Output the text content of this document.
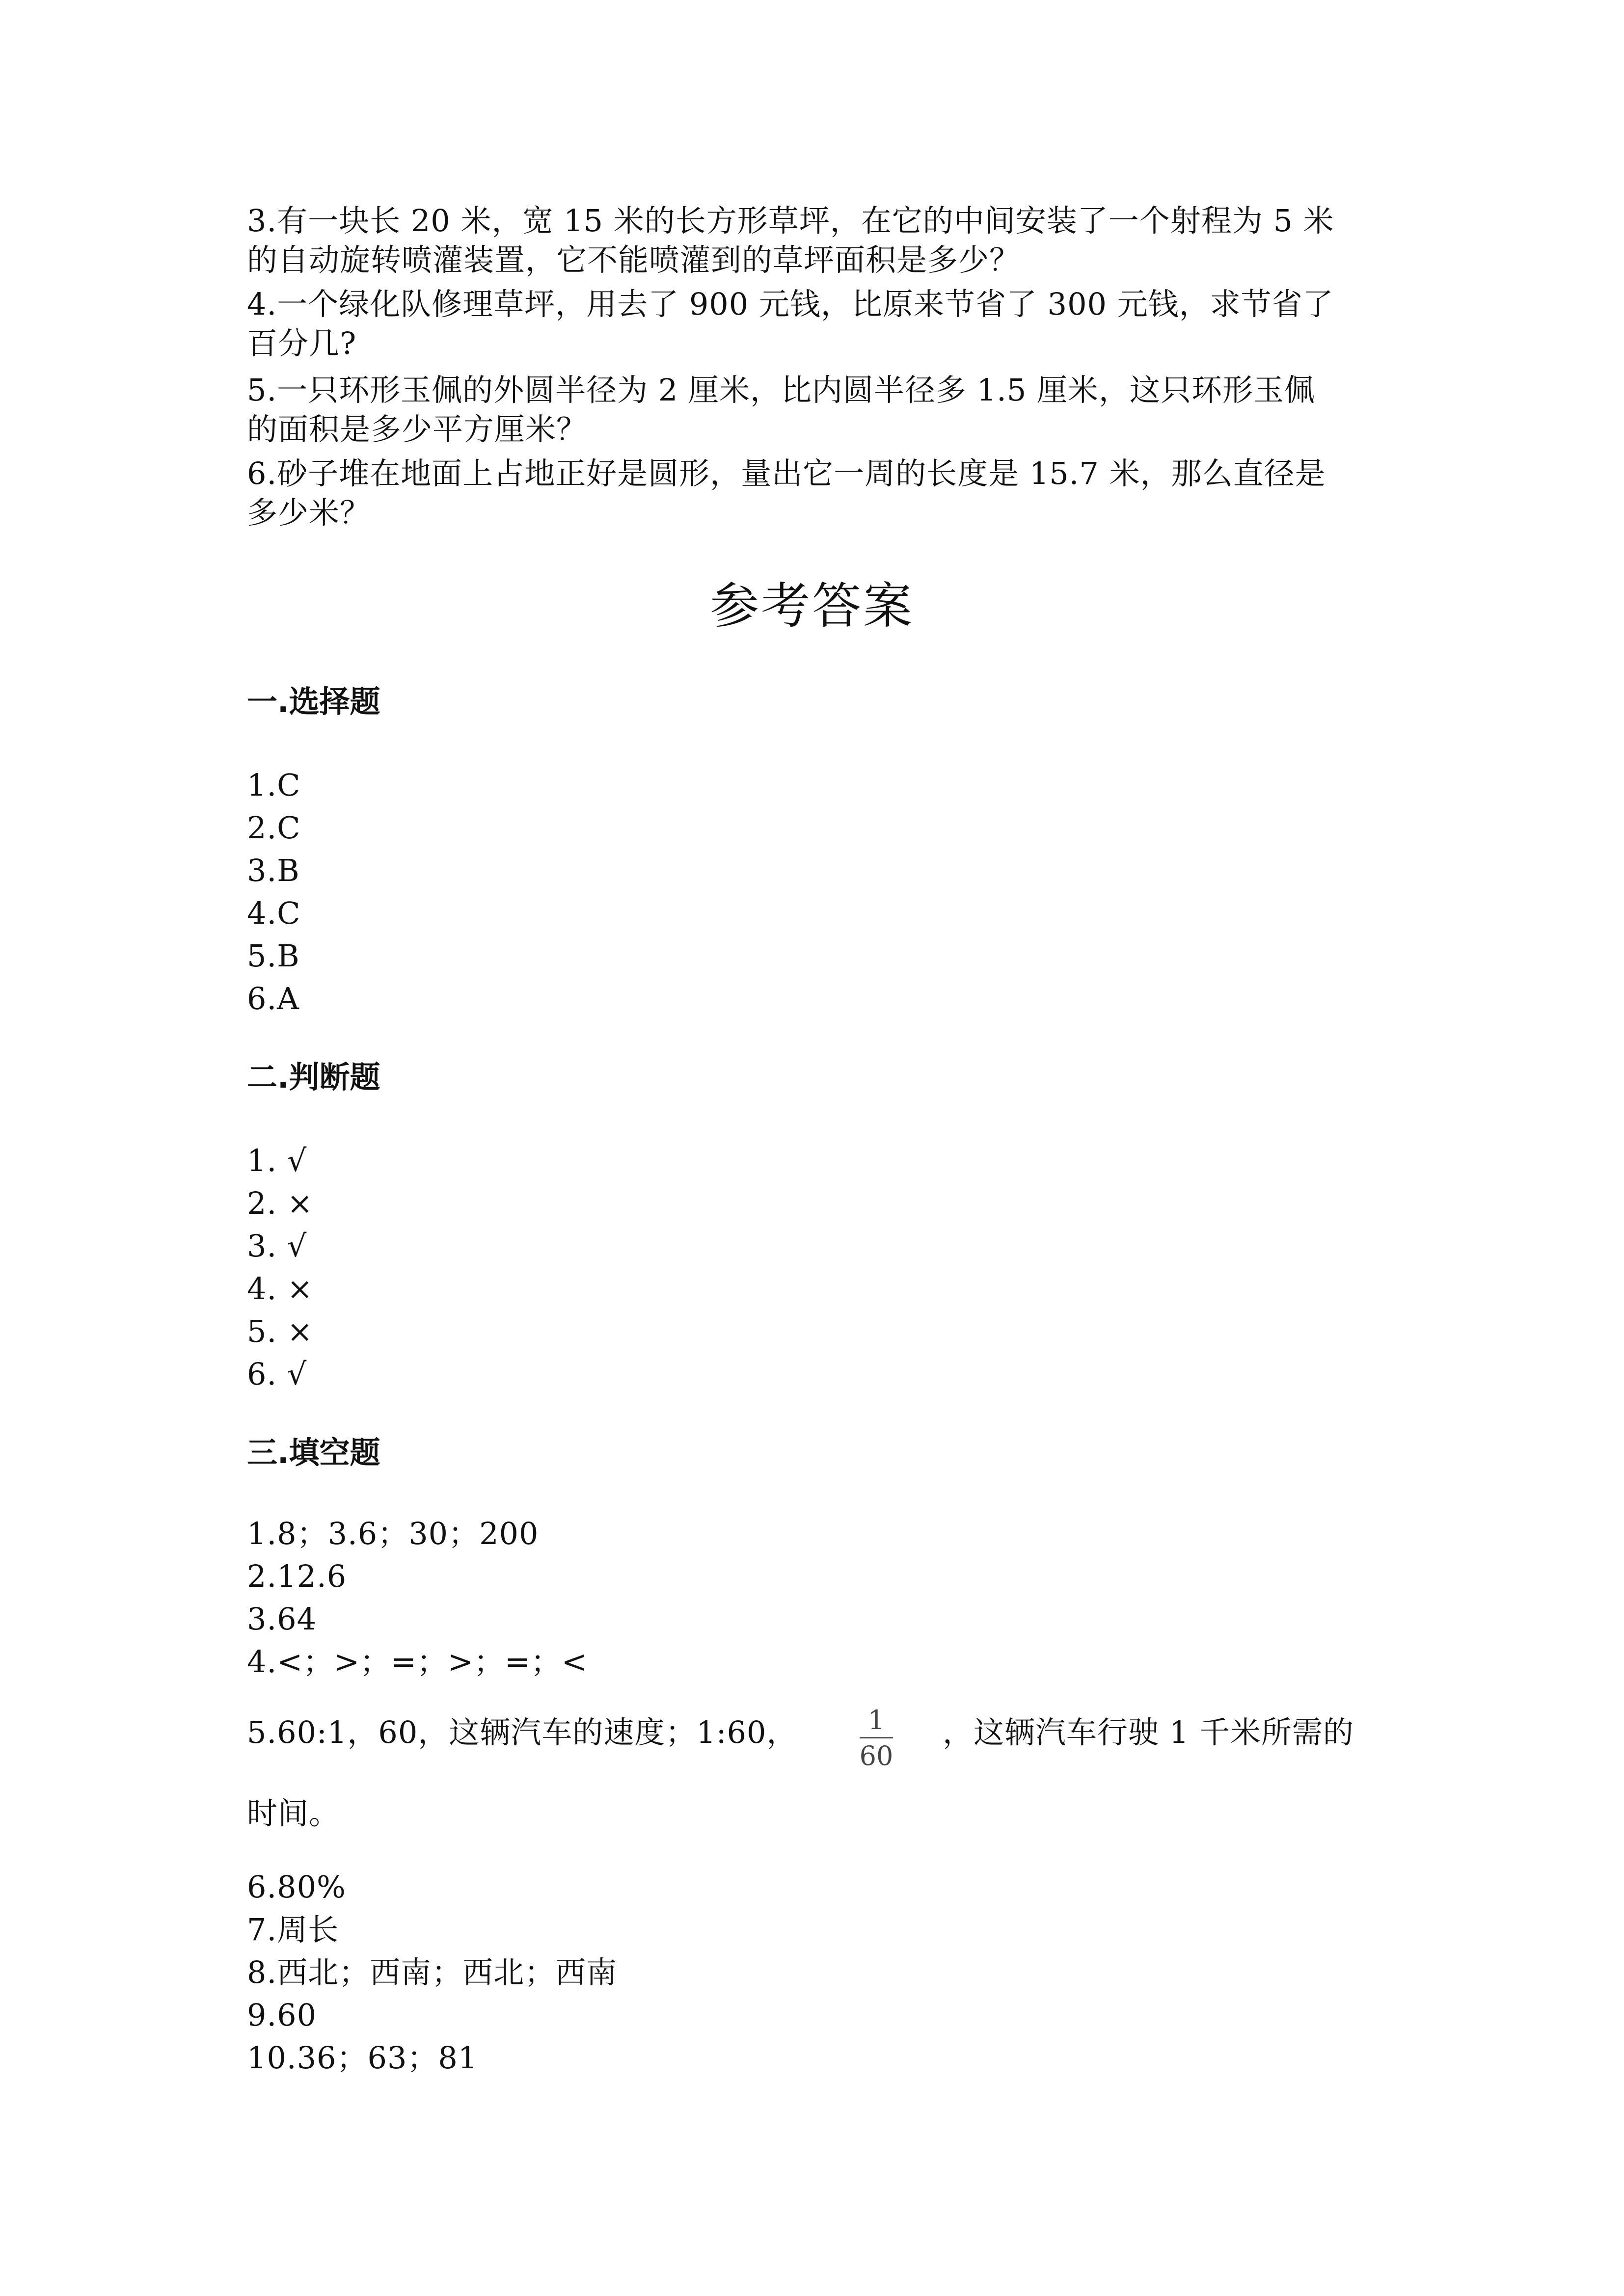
3.有一块长 20 米，宽 15 米的长方形草坪，在它的中间安装了一个射程为 5 米
的自动旋转喷灌装置，它不能喷灌到的草坪面积是多少？
4.一个绿化队修理草坪，用去了 900 元钱，比原来节省了 300 元钱，求节省了
百分几?
5.一只环形玉佩的外圆半径为 2 厘米，比内圆半径多 1.5 厘米，这只环形玉佩
的面积是多少平方厘米？
6.砂子堆在地面上占地正好是圆形，量出它一周的长度是 15.7 米，那么直径是
多少米？
参考答案
一.选择题
1.C
2.C
3.B
4.C
5.B
6.A
二.判断题
1. √
2. ×
3. √
4. ×
5. ×
6. √
三.填空题
1.8；3.6；30；200
2.12.6
3.64
4.<；>；=；>；=；<
5.60:1，60，这辆汽车的速度；1:60，	1
60
，这辆汽车行驶 1 千米所需的
时间。
6.80%
7.周长
8.西北；西南；西北；西南
9.60
10.36；63；81
